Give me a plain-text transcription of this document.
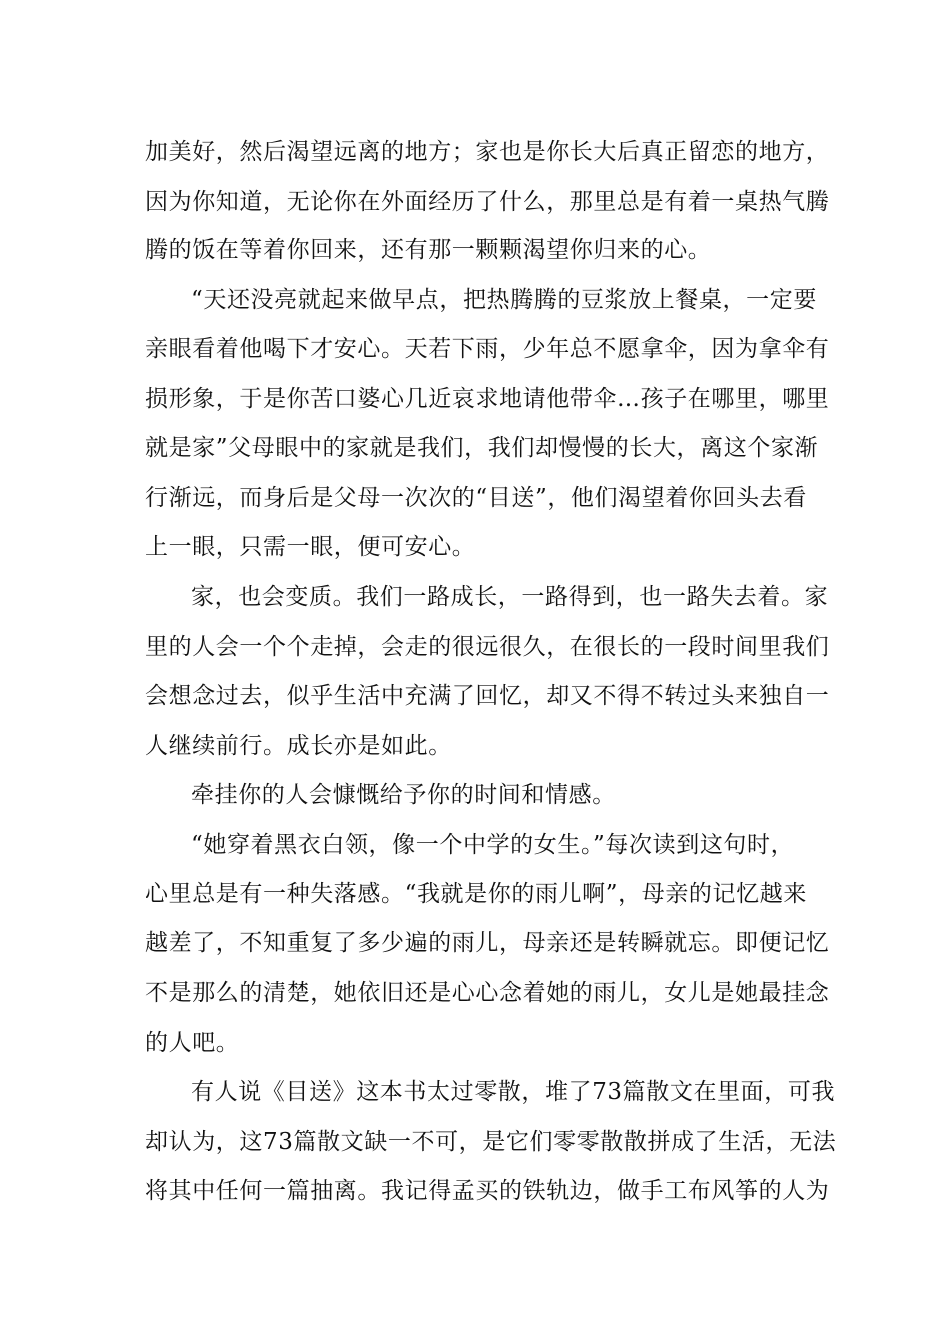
加美好，然后渴望远离的地方；家也是你长大后真正留恋的地方，
因为你知道，无论你在外面经历了什么，那里总是有着一桌热气腾
腾的饭在等着你回来，还有那一颗颗渴望你归来的心。
“天还没亮就起来做早点，把热腾腾的豆浆放上餐桌，一定要
亲眼看着他喝下才安心。天若下雨，少年总不愿拿伞，因为拿伞有
损形象，于是你苦口婆心几近哀求地请他带伞…孩子在哪里，哪里
就是家”父母眼中的家就是我们，我们却慢慢的长大，离这个家渐
行渐远，而身后是父母一次次的“目送”，他们渴望着你回头去看
上一眼，只需一眼，便可安心。
家，也会变质。我们一路成长，一路得到，也一路失去着。家
里的人会一个个走掉，会走的很远很久，在很长的一段时间里我们
会想念过去，似乎生活中充满了回忆，却又不得不转过头来独自一
人继续前行。成长亦是如此。
牵挂你的人会慷慨给予你的时间和情感。
“她穿着黑衣白领，像一个中学的女生。”每次读到这句时，
心里总是有一种失落感。“我就是你的雨儿啊”，母亲的记忆越来
越差了，不知重复了多少遍的雨儿，母亲还是转瞬就忘。即便记忆
不是那么的清楚，她依旧还是心心念着她的雨儿，女儿是她最挂念
的人吧。
有人说《目送》这本书太过零散，堆了73篇散文在里面，可我
却认为，这73篇散文缺一不可，是它们零零散散拼成了生活，无法
将其中任何一篇抽离。我记得孟买的铁轨边，做手工布风筝的人为
